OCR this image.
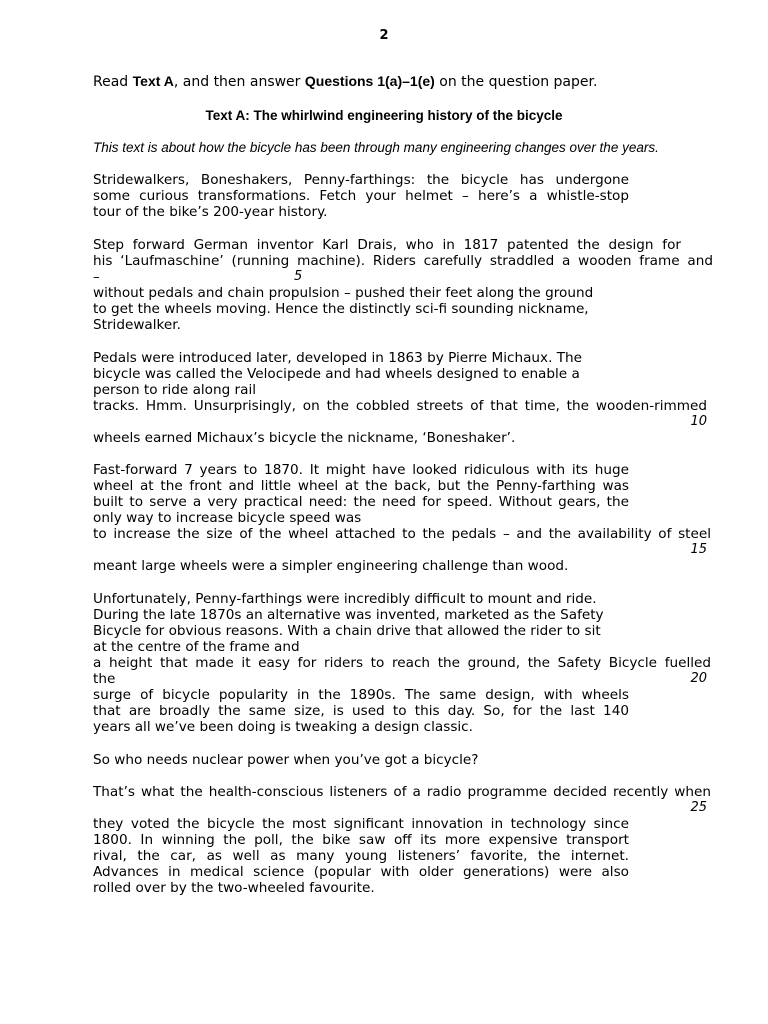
2

Read Text A, and then answer Questions 1(a)–1(e) on the question paper.

Text A: The whirlwind engineering history of the bicycle
This text is about how the bicycle has been through many engineering changes over the years.
Stridewalkers, Boneshakers, Penny-farthings: the bicycle has undergone
some curious transformations. Fetch your helmet – here’s a whistle-stop
tour of the bike’s 200-year history.
Step forward German inventor Karl Drais, who in 1817 patented the design for
his ‘Laufmaschine’ (running machine). Riders carefully straddled a wooden frame and
–	5
without pedals and chain propulsion – pushed their feet along the ground
to get the wheels moving. Hence the distinctly sci-fi sounding nickname,
Stridewalker.
Pedals were introduced later, developed in 1863 by Pierre Michaux. The
bicycle was called the Velocipede and had wheels designed to enable a
person to ride along rail
tracks. Hmm. Unsurprisingly, on the cobbled streets of that time, the wooden-rimmed
10
wheels earned Michaux’s bicycle the nickname, ‘Boneshaker’.
Fast-forward 7 years to 1870. It might have looked ridiculous with its huge
wheel at the front and little wheel at the back, but the Penny-farthing was
built to serve a very practical need: the need for speed. Without gears, the
only way to increase bicycle speed was
to increase the size of the wheel attached to the pedals – and the availability of steel
15
meant large wheels were a simpler engineering challenge than wood.
Unfortunately, Penny-farthings were incredibly difficult to mount and ride.
During the late 1870s an alternative was invented, marketed as the Safety
Bicycle for obvious reasons. With a chain drive that allowed the rider to sit
at the centre of the frame and
a height that made it easy for riders to reach the ground, the Safety Bicycle fuelled
the	20
surge of bicycle popularity in the 1890s. The same design, with wheels
that are broadly the same size, is used to this day. So, for the last 140
years all we’ve been doing is tweaking a design classic.
So who needs nuclear power when you’ve got a bicycle?
That’s what the health-conscious listeners of a radio programme decided recently when
25
they voted the bicycle the most significant innovation in technology since
1800. In winning the poll, the bike saw off its more expensive transport
rival, the car, as well as many young listeners’ favorite, the internet.
Advances in medical science (popular with older generations) were also
rolled over by the two-wheeled favourite.
